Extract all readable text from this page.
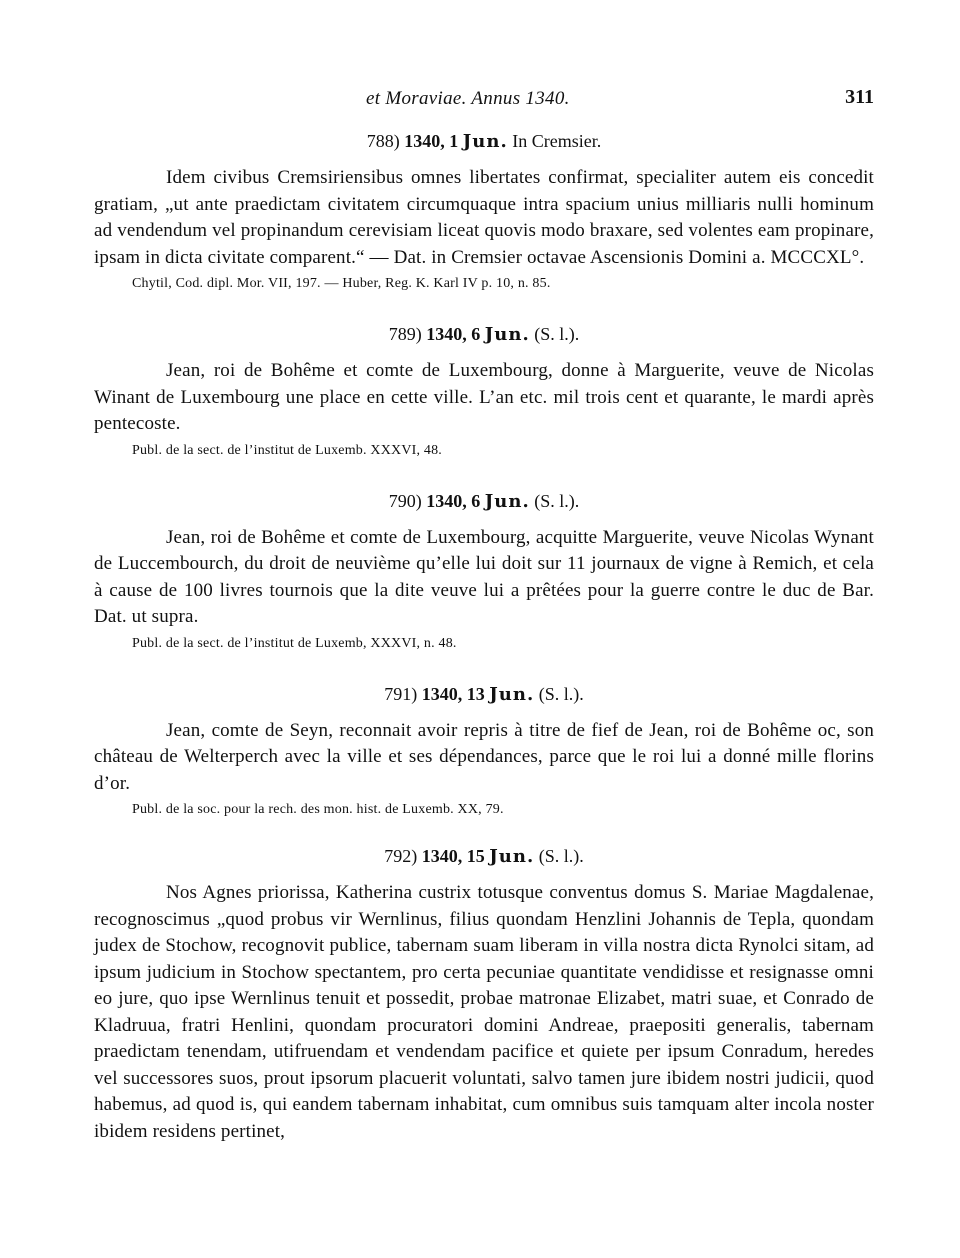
et Moraviae. Annus 1340.	311
788) 1340, 1 Jun. In Cremsier.

Idem civibus Cremsiriensibus omnes libertates confirmat, specialiter autem eis concedit gratiam, „ut ante praedictam civitatem circumquaque intra spacium unius milliaris nulli hominum ad vendendum vel propinandum cerevisiam liceat quovis modo braxare, sed volentes eam propinare, ipsam in dicta civitate comparent.“ — Dat. in Cremsier octavae Ascensionis Domini a. MCCCXL°.

Chytil, Cod. dipl. Mor. VII, 197. — Huber, Reg. K. Karl IV p. 10, n. 85.
789) 1340, 6 Jun. (S. l.).

Jean, roi de Bohême et comte de Luxembourg, donne à Marguerite, veuve de Nicolas Winant de Luxembourg une place en cette ville. L’an etc. mil trois cent et quarante, le mardi après pentecoste.

Publ. de la sect. de l’institut de Luxemb. XXXVI, 48.
790) 1340, 6 Jun. (S. l.).

Jean, roi de Bohême et comte de Luxembourg, acquitte Marguerite, veuve Nicolas Wynant de Luccembourch, du droit de neuvième qu’elle lui doit sur 11 journaux de vigne à Remich, et cela à cause de 100 livres tournois que la dite veuve lui a prêtées pour la guerre contre le duc de Bar. Dat. ut supra.

Publ. de la sect. de l’institut de Luxemb, XXXVI, n. 48.
791) 1340, 13 Jun. (S. l.).

Jean, comte de Seyn, reconnait avoir repris à titre de fief de Jean, roi de Bohême oc, son château de Welterperch avec la ville et ses dépendances, parce que le roi lui a donné mille florins d’or.

Publ. de la soc. pour la rech. des mon. hist. de Luxemb. XX, 79.
792) 1340, 15 Jun. (S. l.).

Nos Agnes priorissa, Katherina custrix totusque conventus domus S. Mariae Magdalenae, recognoscimus „quod probus vir Wernlinus, filius quondam Henzlini Johannis de Tepla, quondam judex de Stochow, recognovit publice, tabernam suam liberam in villa nostra dicta Rynolci sitam, ad ipsum judicium in Stochow spectantem, pro certa pecuniae quantitate vendidisse et resignasse omni eo jure, quo ipse Wernlinus tenuit et possedit, probae matronae Elizabet, matri suae, et Conrado de Kladruua, fratri Henlini, quondam procuratori domini Andreae, praepositi generalis, tabernam praedictam tenendam, utifruendam et vendendam pacifice et quiete per ipsum Conradum, heredes vel successores suos, prout ipsorum placuerit voluntati, salvo tamen jure ibidem nostri judicii, quod habemus, ad quod is, qui eandem tabernam inhabitat, cum omnibus suis tamquam alter incola noster ibidem residens pertinet,
